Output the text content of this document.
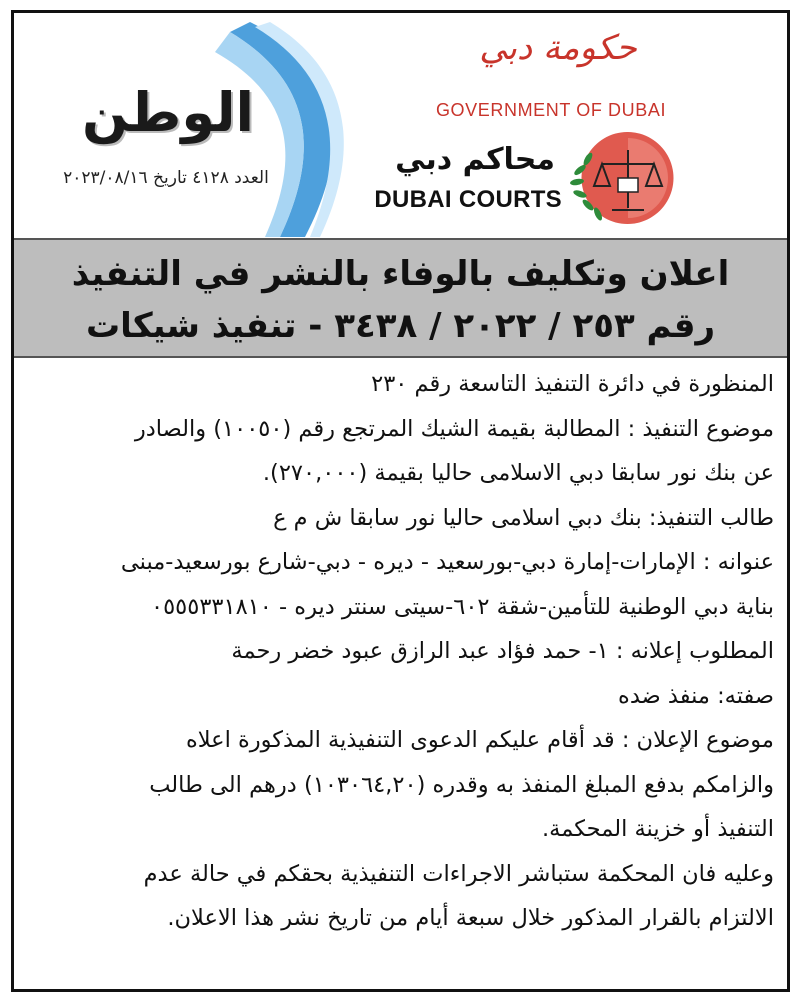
الوطن
العدد ٤١٢٨ تاريخ ٢٠٢٣/٠٨/١٦
حكومة دبي
GOVERNMENT OF DUBAI
محاكم دبي
DUBAI COURTS
اعلان وتكليف بالوفاء بالنشر في التنفيذ
رقم ٢٥٣ / ٢٠٢٢ / ٣٤٣٨ - تنفيذ شيكات
المنظورة في دائرة التنفيذ التاسعة رقم ٢٣٠
موضوع التنفيذ : المطالبة بقيمة الشيك المرتجع رقم (١٠٠٥٠) والصادر
عن بنك نور سابقا دبي الاسلامى حاليا بقيمة (٢٧٠,٠٠٠).
طالب التنفيذ: بنك دبي اسلامى حاليا نور سابقا ش م ع
عنوانه : الإمارات-إمارة دبي-بورسعيد - ديره - دبي-شارع بورسعيد-مبنى
بناية دبي الوطنية للتأمين-شقة ٦٠٢-سيتى سنتر ديره - ٠٥٥٥٣٣١٨١٠
المطلوب إعلانه : ١- حمد فؤاد عبد الرازق عبود خضر رحمة
صفته: منفذ ضده
موضوع الإعلان : قد أقام عليكم الدعوى التنفيذية المذكورة اعلاه
والزامكم بدفع المبلغ المنفذ به وقدره (١٠٣٠٦٤,٢٠) درهم الى طالب
التنفيذ أو خزينة المحكمة.
وعليه فان المحكمة ستباشر الاجراءات التنفيذية بحقكم في حالة عدم
الالتزام بالقرار المذكور خلال سبعة أيام من تاريخ نشر هذا الاعلان.
